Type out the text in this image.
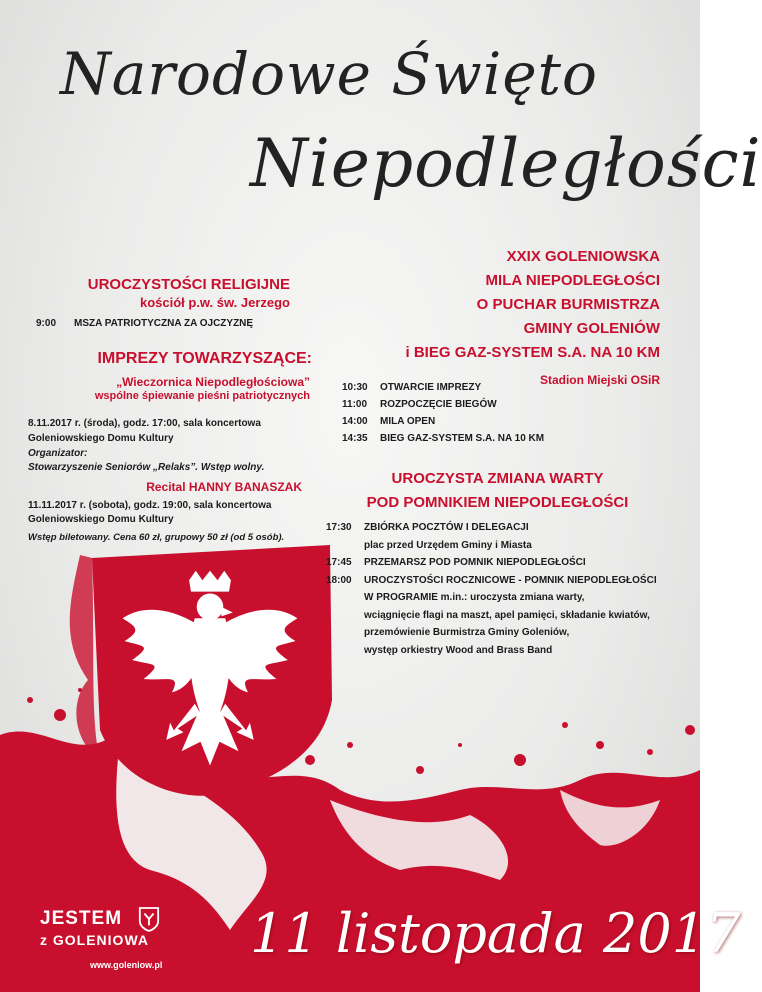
Narodowe Święto
Niepodległości
UROCZYSTOŚCI RELIGIJNE
kościół p.w. św. Jerzego
9:00 MSZA PATRIOTYCZNA ZA OJCZYZNĘ
IMPREZY TOWARZYSZĄCE:
„Wieczornica Niepodległościowa”
wspólne śpiewanie pieśni patriotycznych
8.11.2017 r. (środa), godz. 17:00, sala koncertowa
Goleniowskiego Domu Kultury
Organizator:
Stowarzyszenie Seniorów „Relaks”. Wstęp wolny.
Recital HANNY BANASZAK
11.11.2017 r. (sobota), godz. 19:00, sala koncertowa
Goleniowskiego Domu Kultury
Wstęp biletowany. Cena 60 zł, grupowy 50 zł (od 5 osób).
XXIX GOLENIOWSKA
MILA NIEPODLEGŁOŚCI
O PUCHAR BURMISTRZA
GMINY GOLENIÓW
i BIEG GAZ-SYSTEM S.A. NA 10 KM
Stadion Miejski OSiR
10:30 OTWARCIE IMPREZY
11:00 ROZPOCZĘCIE BIEGÓW
14:00 MILA OPEN
14:35 BIEG GAZ-SYSTEM S.A. NA 10 KM
UROCZYSTA ZMIANA WARTY
POD POMNIKIEM NIEPODLEGŁOŚCI
17:30 ZBIÓRKA POCZTÓW I DELEGACJI
plac przed Urzędem Gminy i Miasta
17:45 PRZEMARSZ POD POMNIK NIEPODLEGŁOŚCI
18:00 UROCZYSTOŚCI ROCZNICOWE - POMNIK NIEPODLEGŁOŚCI
W PROGRAMIE m.in.: uroczysta zmiana warty,
wciągnięcie flagi na maszt, apel pamięci, składanie kwiatów,
przemówienie Burmistrza Gminy Goleniów,
występ orkiestry Wood and Brass Band
11 listopada 2017
JESTEM
z GOLENIOWA
www.goleniow.pl
